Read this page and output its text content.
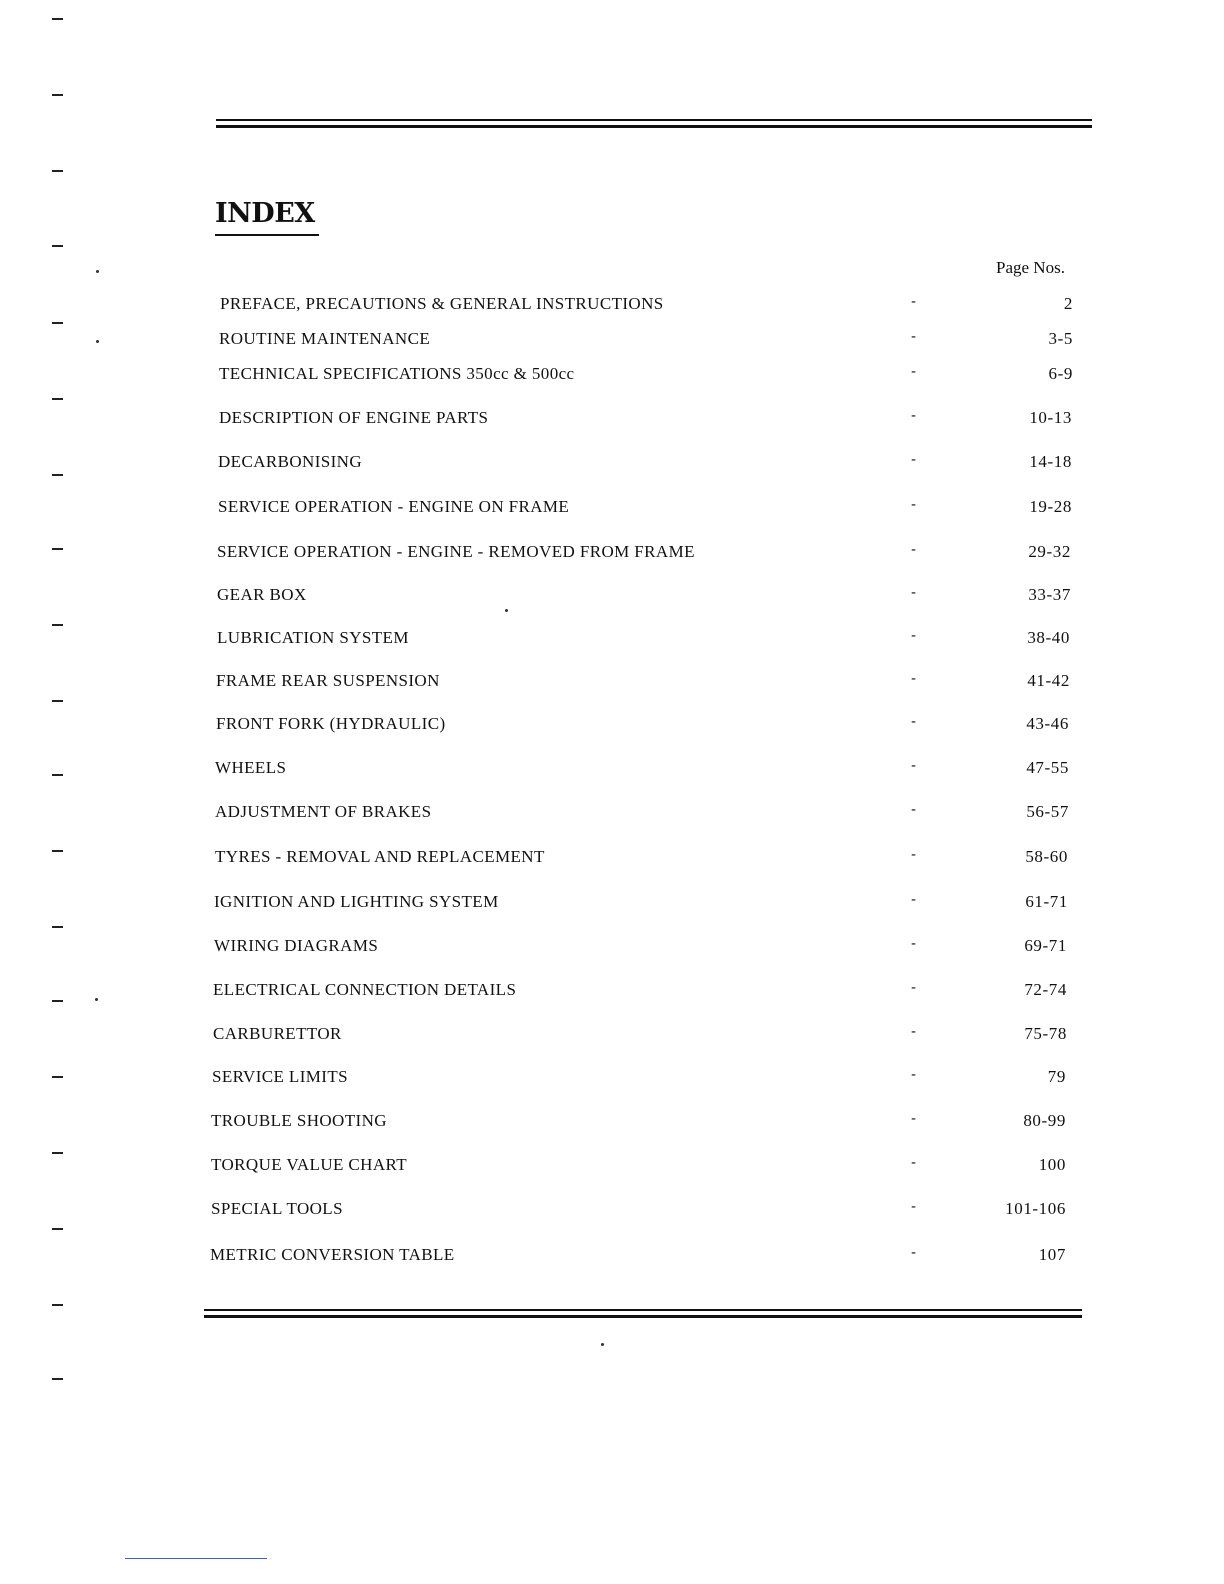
INDEX
Page Nos.
PREFACE, PRECAUTIONS & GENERAL INSTRUCTIONS	-	2
ROUTINE MAINTENANCE	-	3-5
TECHNICAL SPECIFICATIONS 350cc & 500cc	-	6-9
DESCRIPTION OF ENGINE PARTS	-	10-13
DECARBONISING	-	14-18
SERVICE OPERATION - ENGINE ON FRAME	-	19-28
SERVICE OPERATION - ENGINE - REMOVED FROM FRAME	-	29-32
GEAR BOX	-	33-37
LUBRICATION SYSTEM	-	38-40
FRAME REAR SUSPENSION	-	41-42
FRONT FORK (HYDRAULIC)	-	43-46
WHEELS	-	47-55
ADJUSTMENT OF BRAKES	-	56-57
TYRES - REMOVAL AND REPLACEMENT	-	58-60
IGNITION AND LIGHTING SYSTEM	-	61-71
WIRING DIAGRAMS	-	69-71
ELECTRICAL CONNECTION DETAILS	-	72-74
CARBURETTOR	-	75-78
SERVICE LIMITS	-	79
TROUBLE SHOOTING	-	80-99
TORQUE VALUE CHART	-	100
SPECIAL TOOLS	-	101-106
METRIC CONVERSION TABLE	-	107
